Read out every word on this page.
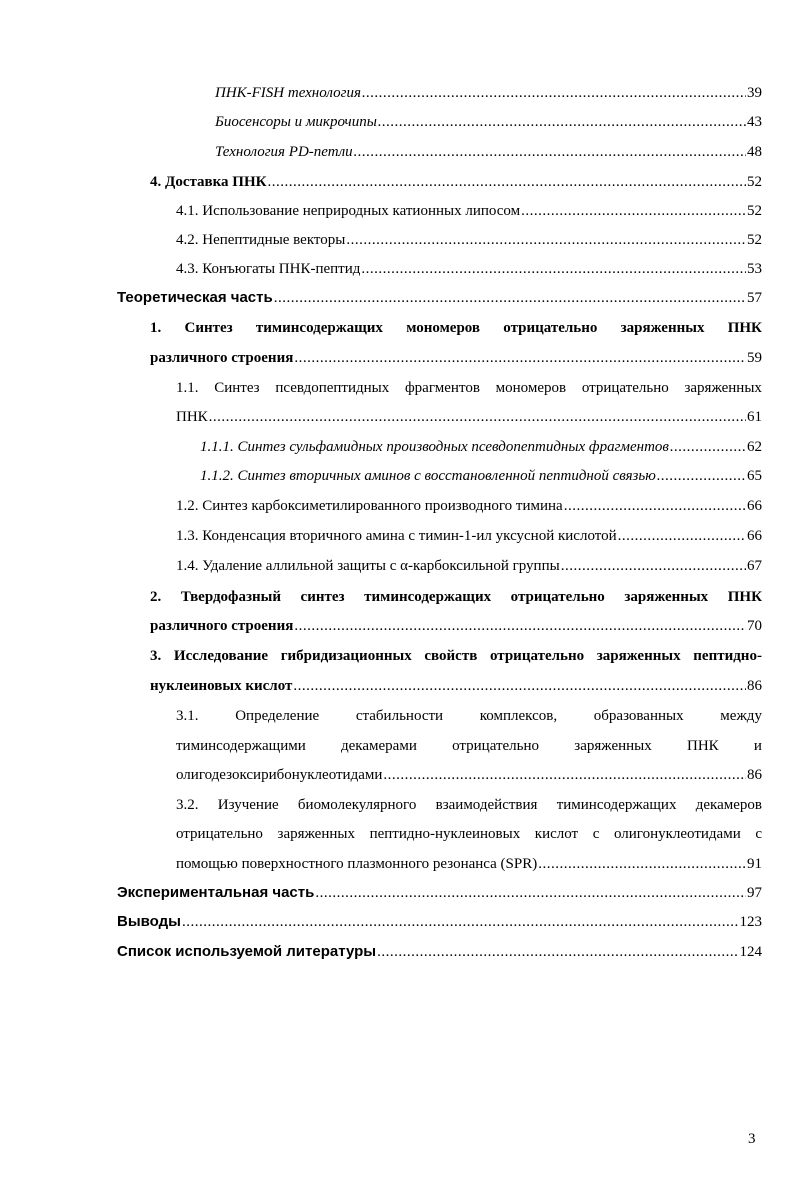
ПНК-FISH технология .....	39
Биосенсоры и микрочипы .....	43
Технология PD-петли .....	48
4. Доставка ПНК .....	52
4.1. Использование неприродных катионных липосом .....	52
4.2. Непептидные векторы .....	52
4.3. Конъюгаты ПНК-пептид .....	53
Теоретическая часть .....	57
1. Синтез тиминсодержащих мономеров отрицательно заряженных ПНК
различного строения .....	59
1.1. Синтез псевдопептидных фрагментов мономеров отрицательно заряженных
ПНК .....	61
1.1.1. Синтез сульфамидных производных псевдопептидных фрагментов .....	62
1.1.2. Синтез вторичных аминов с восстановленной пептидной связью .....	65
1.2. Синтез карбоксиметилированного производного тимина .....	66
1.3. Конденсация вторичного амина с тимин-1-ил уксусной кислотой .....	66
1.4. Удаление аллильной защиты с α-карбоксильной группы .....	67
2. Твердофазный синтез тиминсодержащих отрицательно заряженных ПНК
различного строения .....	70
3. Исследование гибридизационных свойств отрицательно заряженных пептидно-
нуклеиновых кислот .....	86
3.1. Определение стабильности комплексов, образованных между
тиминсодержащими декамерами отрицательно заряженных ПНК и
олигодезоксирибонуклеотидами .....	86
3.2. Изучение биомолекулярного взаимодействия тиминсодержащих декамеров
отрицательно заряженных пептидно-нуклеиновых кислот с олигонуклеотидами с
помощью поверхностного плазмонного резонанса (SPR) .....	91
Экспериментальная часть .....	97
Выводы .....	123
Список используемой литературы .....	124
3
